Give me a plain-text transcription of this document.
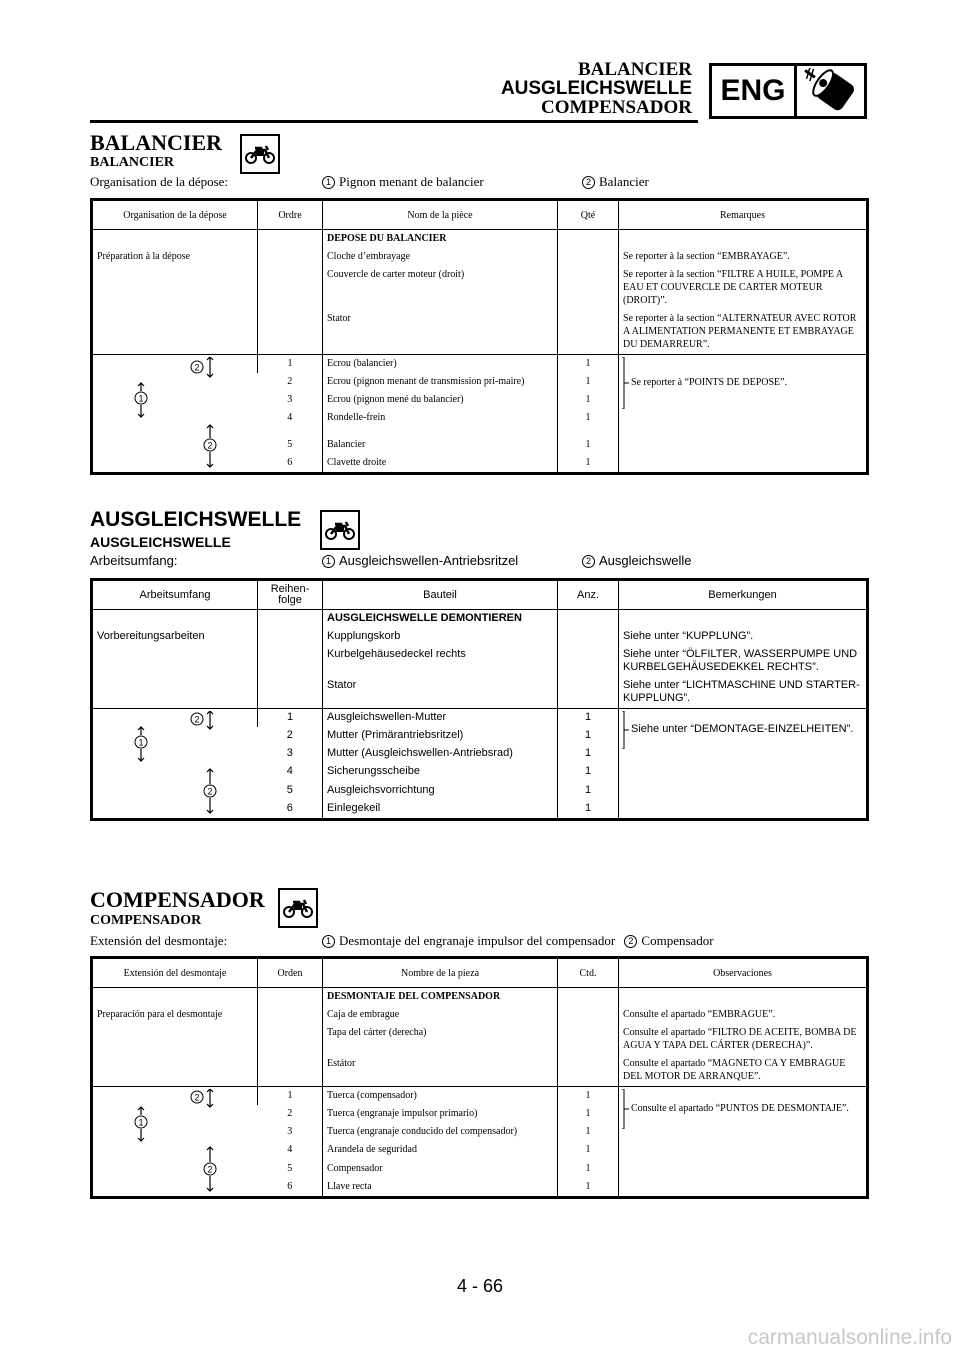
BALANCIER
AUSGLEICHSWELLE
COMPENSADOR
ENG
BALANCIER
BALANCIER
Organisation de la dépose:	1 Pignon menant de balancier	2 Balancier
Organisation de la dépose	Ordre	Nom de la pièce	Qté	Remarques
		DEPOSE DU BALANCIER		
Préparation à la dépose		Cloche d’embrayage		Se reporter à la section “EMBRAYAGE”.
		Couvercle de carter moteur (droit)		Se reporter à la section “FILTRE A HUILE, POMPE A EAU ET COUVERCLE DE CARTER MOTEUR (DROIT)”.
		Stator		Se reporter à la section “ALTERNATEUR AVEC ROTOR A ALIMENTATION PERMANENTE ET EMBRAYAGE DU DEMARREUR”.

2
1
2	1	Ecrou (balancier)	1	Se reporter à “POINTS DE DEPOSE”.

	2	Ecrou (pignon menant de transmission pri-maire)	1	
	3	Ecrou (pignon mené du balancier)	1	
	4	Rondelle-frein	1	
	5	Balancier	1	
	6	Clavette droite	1	
AUSGLEICHSWELLE
AUSGLEICHSWELLE
Arbeitsumfang:	1 Ausgleichswellen-Antriebsritzel	2 Ausgleichswelle
Arbeitsumfang	Reihen-folge	Bauteil	Anz.	Bemerkungen
		AUSGLEICHSWELLE DEMONTIEREN		
Vorbereitungsarbeiten		Kupplungskorb		Siehe unter “KUPPLUNG”.
		Kurbelgehäusedeckel rechts		Siehe unter “ÖLFILTER, WASSERPUMPE UND KURBELGEHÄUSEDEKKEL RECHTS”.
		Stator		Siehe unter “LICHTMASCHINE UND STARTER-KUPPLUNG”.

2
1
2	1	Ausgleichswellen-Mutter	1	Siehe unter “DEMONTAGE-EINZELHEITEN”.

	2	Mutter (Primärantriebsritzel)	1	
	3	Mutter (Ausgleichswellen-Antriebsrad)	1	
	4	Sicherungsscheibe	1	
	5	Ausgleichsvorrichtung	1	
	6	Einlegekeil	1	
COMPENSADOR
COMPENSADOR
Extensión del desmontaje:	1 Desmontaje del engranaje impulsor del compensador 2 Compensador
Extensión del desmontaje	Orden	Nombre de la pieza	Ctd.	Observaciones
		DESMONTAJE DEL COMPENSADOR		
Preparación para el desmontaje		Caja de embrague		Consulte el apartado “EMBRAGUE”.
		Tapa del cárter (derecha)		Consulte el apartado “FILTRO DE ACEITE, BOMBA DE AGUA Y TAPA DEL CÁRTER (DERECHA)”.
		Estátor		Consulte el apartado “MAGNETO CA Y EMBRAGUE DEL MOTOR DE ARRANQUE”.

2
1
2	1	Tuerca (compensador)	1	Consulte el apartado “PUNTOS DE DESMONTAJE”.

	2	Tuerca (engranaje impulsor primario)	1	
	3	Tuerca (engranaje conducido del compensador)	1	
	4	Arandela de seguridad	1	
	5	Compensador	1	
	6	Llave recta	1	
4 - 66
carmanualsonline.info
